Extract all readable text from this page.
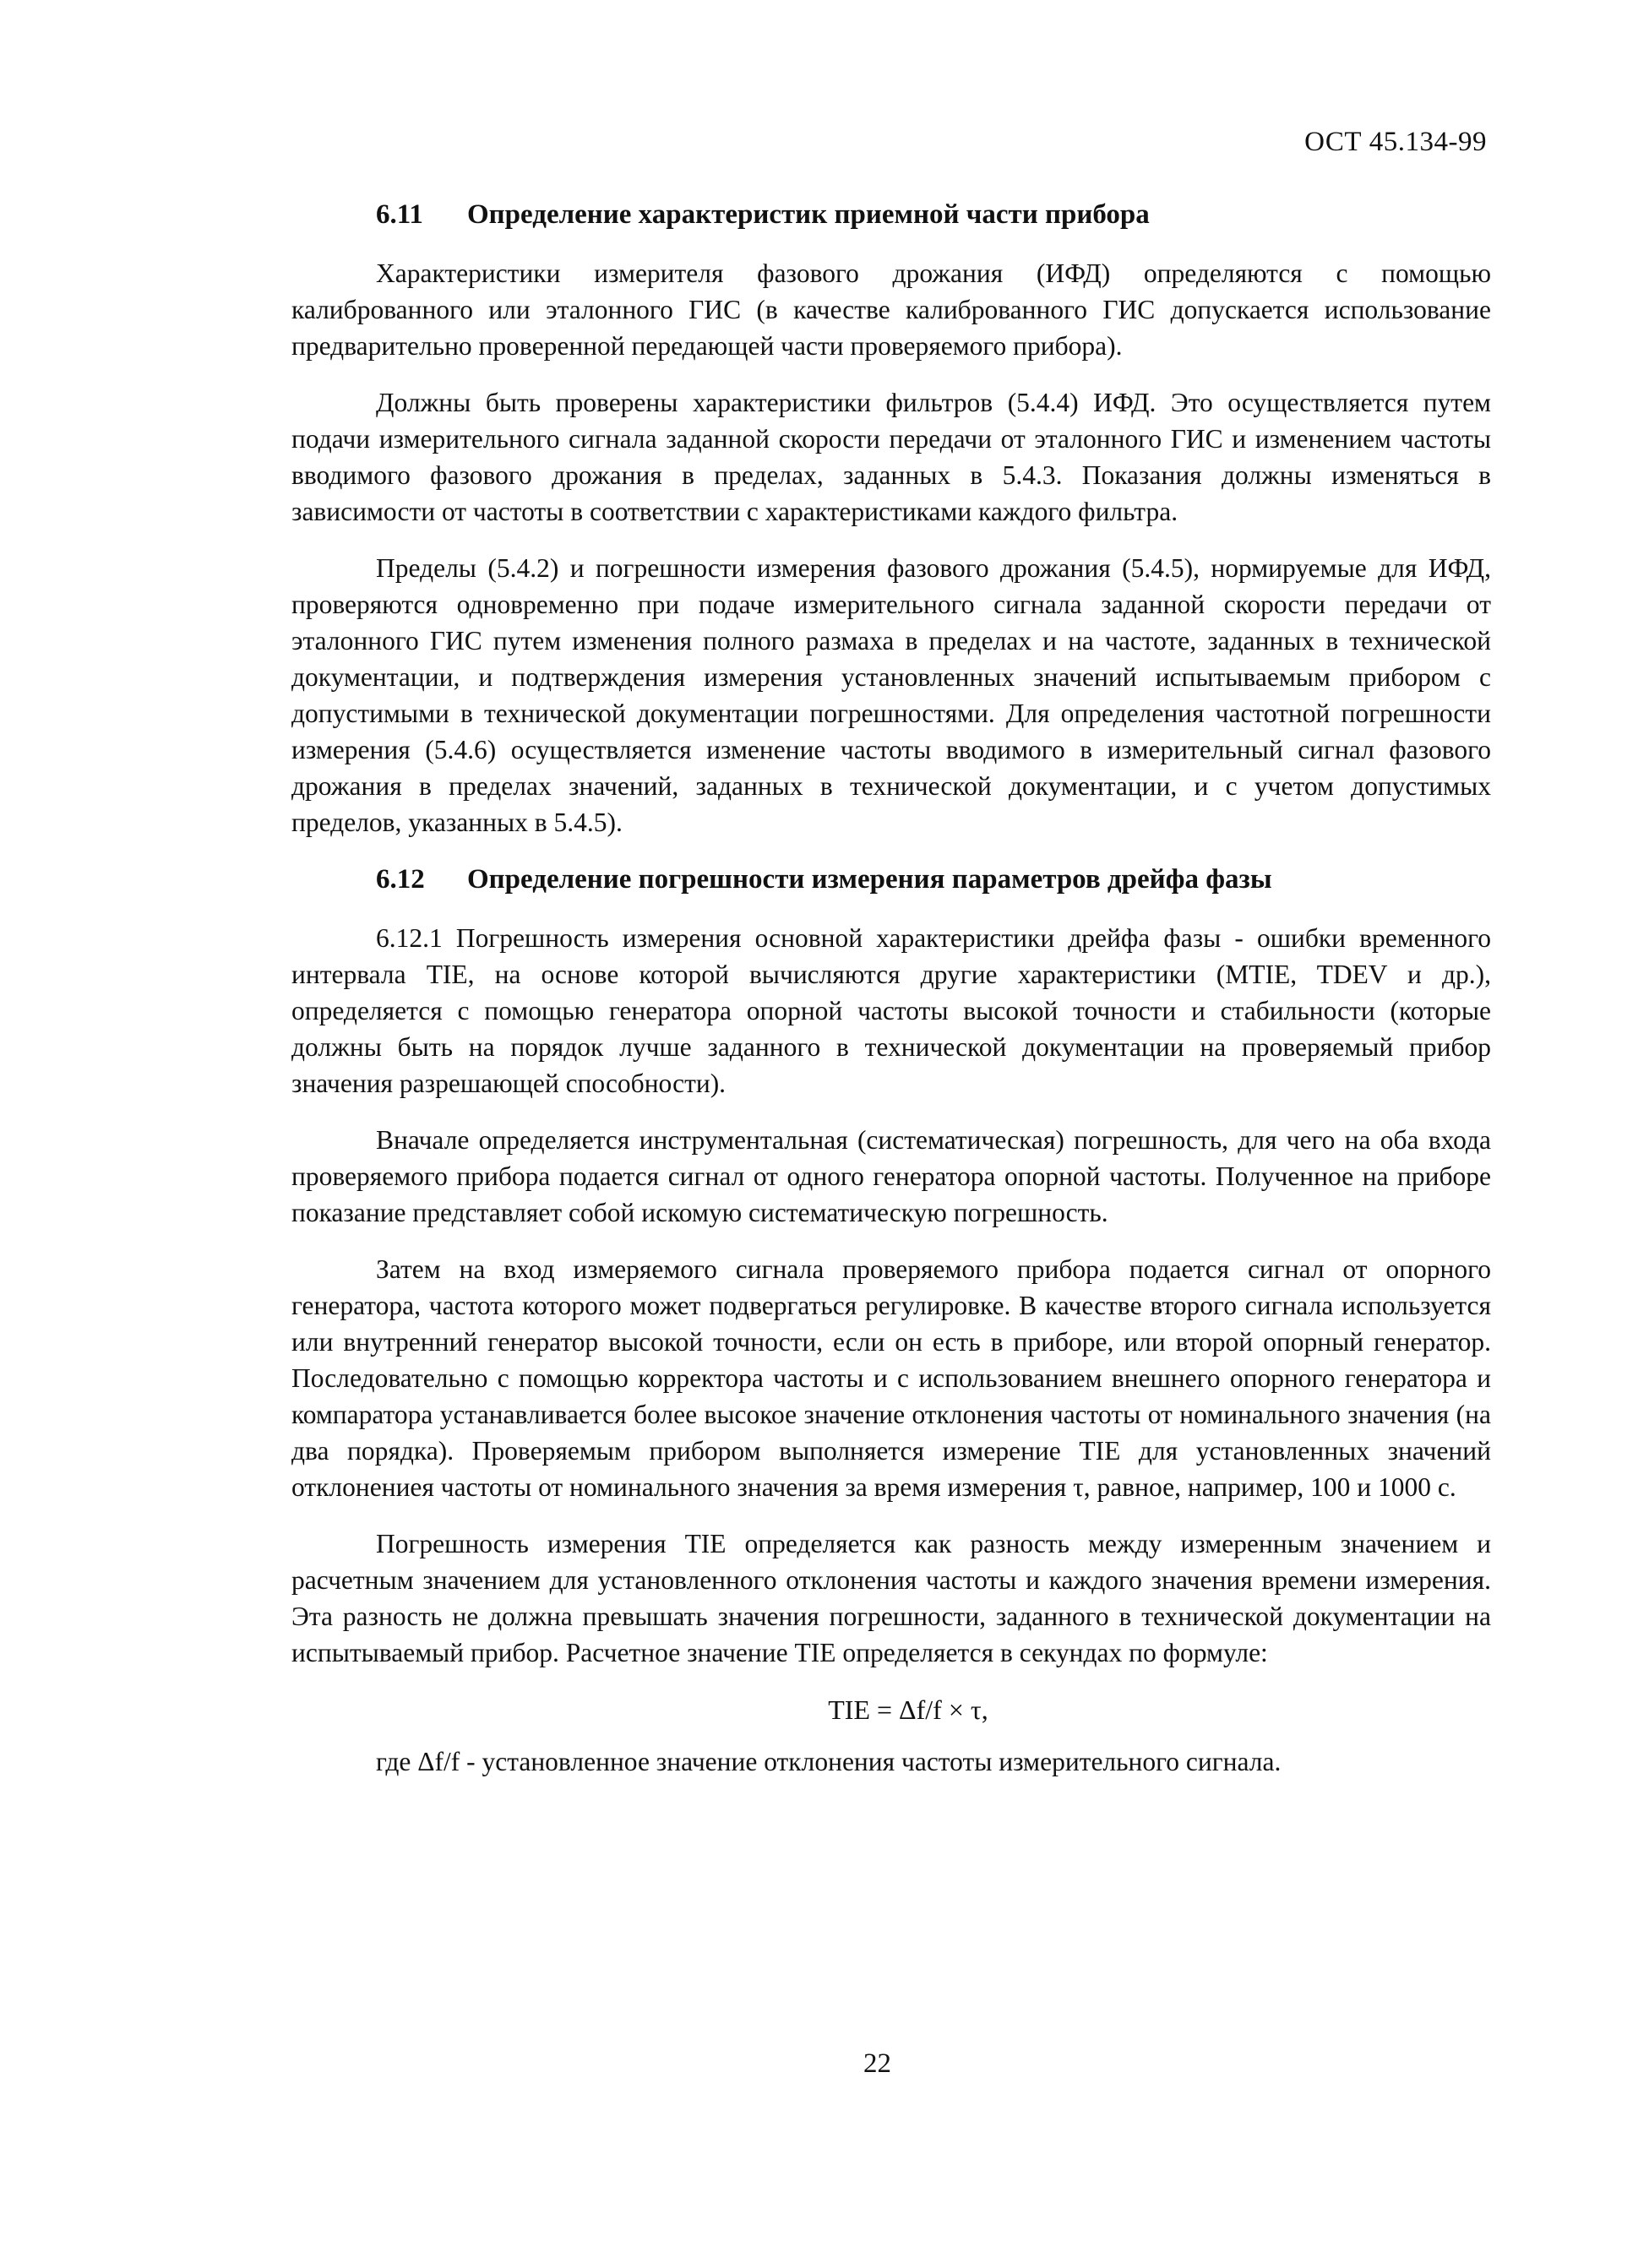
ОСТ 45.134-99
6.11 Определение характеристик приемной части прибора

Характеристики измерителя фазового дрожания (ИФД) определяются с помощью калиброванного или эталонного ГИС (в качестве калиброванного ГИС допускается использование предварительно проверенной передающей части проверяемого прибора).

Должны быть проверены характеристики фильтров (5.4.4) ИФД. Это осуществляется путем подачи измерительного сигнала заданной скорости передачи от эталонного ГИС и изменением частоты вводимого фазового дрожания в пределах, заданных в 5.4.3. Показания должны изменяться в зависимости от частоты в соответствии с характеристиками каждого фильтра.

Пределы (5.4.2) и погрешности измерения фазового дрожания (5.4.5), нормируемые для ИФД, проверяются одновременно при подаче измерительного сигнала заданной скорости передачи от эталонного ГИС путем изменения полного размаха в пределах и на частоте, заданных в технической документации, и подтверждения измерения установленных значений испытываемым прибором с допустимыми в технической документации погрешностями. Для определения частотной погрешности измерения (5.4.6) осуществляется изменение частоты вводимого в измерительный сигнал фазового дрожания в пределах значений, заданных в технической документации, и с учетом допустимых пределов, указанных в 5.4.5).

6.12 Определение погрешности измерения параметров дрейфа фазы

6.12.1 Погрешность измерения основной характеристики дрейфа фазы - ошибки временного интервала TIE, на основе которой вычисляются другие характеристики (MTIE, TDEV и др.), определяется с помощью генератора опорной частоты высокой точности и стабильности (которые должны быть на порядок лучше заданного в технической документации на проверяемый прибор значения разрешающей способности).

Вначале определяется инструментальная (систематическая) погрешность, для чего на оба входа проверяемого прибора подается сигнал от одного генератора опорной частоты. Полученное на приборе показание представляет собой искомую систематическую погрешность.

Затем на вход измеряемого сигнала проверяемого прибора подается сигнал от опорного генератора, частота которого может подвергаться регулировке. В качестве второго сигнала используется или внутренний генератор высокой точности, если он есть в приборе, или второй опорный генератор. Последовательно с помощью корректора частоты и с использованием внешнего опорного генератора и компаратора устанавливается более высокое значение отклонения частоты от номинального значения (на два порядка). Проверяемым прибором выполняется измерение TIE для установленных значений отклонениея частоты от номинального значения за время измерения τ, равное, например, 100 и 1000 с.

Погрешность измерения TIE определяется как разность между измеренным значением и расчетным значением для установленного отклонения частоты и каждого значения времени измерения. Эта разность не должна превышать значения погрешности, заданного в технической документации на испытываемый прибор. Расчетное значение TIE определяется в секундах по формуле:

TIE = Δf/f × τ,

где Δf/f - установленное значение отклонения частоты измерительного сигнала.

22
